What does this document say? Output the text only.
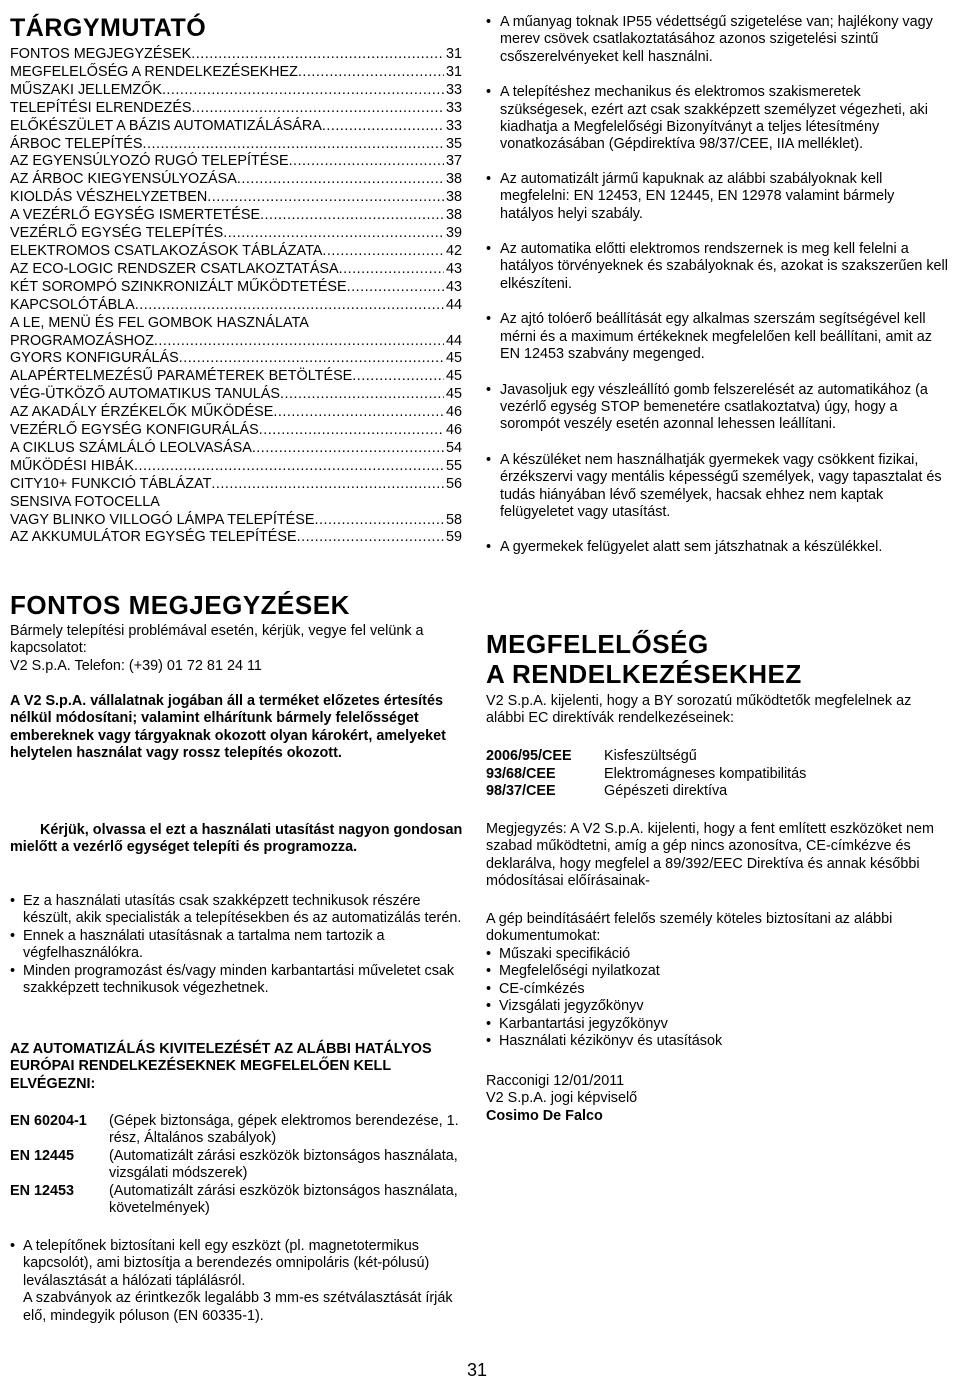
TÁRGYMUTATÓ
FONTOS MEGJEGYZÉSEK .....	31
MEGFELELŐSÉG A RENDELKEZÉSEKHEZ .....	31
MŰSZAKI JELLEMZŐK .....	33
TELEPÍTÉSI ELRENDEZÉS .....	33
ELŐKÉSZÜLET A BÁZIS AUTOMATIZÁLÁSÁRA .....	33
ÁRBOC TELEPÍTÉS .....	35
AZ EGYENSÚLYOZÓ RUGÓ TELEPÍTÉSE .....	37
AZ ÁRBOC KIEGYENSÚLYOZÁSA .....	38
KIOLDÁS VÉSZHELYZETBEN .....	38
A VEZÉRLŐ EGYSÉG ISMERTETÉSE .....	38
VEZÉRLŐ EGYSÉG TELEPÍTÉS .....	39
ELEKTROMOS CSATLAKOZÁSOK TÁBLÁZATA .....	42
AZ ECO-LOGIC RENDSZER CSATLAKOZTATÁSA .....	43
KÉT SOROMPÓ SZINKRONIZÁLT MŰKÖDTETÉSE .....	43
KAPCSOLÓTÁBLA .....	44
A LE, MENÜ ÉS FEL GOMBOK HASZNÁLATA
PROGRAMOZÁSHOZ .....	44
GYORS KONFIGURÁLÁS .....	45
ALAPÉRTELMEZÉSŰ PARAMÉTEREK BETÖLTÉSE .....	45
VÉG-ÜTKÖZŐ AUTOMATIKUS TANULÁS .....	45
AZ AKADÁLY ÉRZÉKELŐK MŰKÖDÉSE .....	46
VEZÉRLŐ EGYSÉG KONFIGURÁLÁS .....	46
A CIKLUS SZÁMLÁLÓ LEOLVASÁSA .....	54
MŰKÖDÉSI HIBÁK .....	55
CITY10+ FUNKCIÓ TÁBLÁZAT .....	56
SENSIVA FOTOCELLA
VAGY BLINKO VILLOGÓ LÁMPA TELEPÍTÉSE .....	58
AZ AKKUMULÁTOR EGYSÉG TELEPÍTÉSE .....	59
FONTOS MEGJEGYZÉSEK
Bármely telepítési problémával esetén, kérjük, vegye fel velünk a kapcsolatot:
V2 S.p.A. Telefon: (+39) 01 72 81 24 11
A V2 S.p.A. vállalatnak jogában áll a terméket előzetes értesítés nélkül módosítani; valamint elhárítunk bármely felelősséget embereknek vagy tárgyaknak okozott olyan károkért, amelyeket helytelen használat vagy rossz telepítés okozott.
Kérjük, olvassa el ezt a használati utasítást nagyon gondosan mielőtt a vezérlő egységet telepíti és programozza.
• Ez a használati utasítás csak szakképzett technikusok részére készült, akik specialisták a telepítésekben és az automatizálás terén.
• Ennek a használati utasításnak a tartalma nem tartozik a végfelhasználókra.
• Minden programozást és/vagy minden karbantartási műveletet csak szakképzett technikusok végezhetnek.
AZ AUTOMATIZÁLÁS KIVITELEZÉSÉT AZ ALÁBBI HATÁLYOS EURÓPAI RENDELKEZÉSEKNEK MEGFELELŐEN KELL ELVÉGEZNI:
EN 60204-1	(Gépek biztonsága, gépek elektromos berendezése, 1. rész, Általános szabályok)
EN 12445	(Automatizált zárási eszközök biztonságos használata, vizsgálati módszerek)
EN 12453	(Automatizált zárási eszközök biztonságos használata, követelmények)
• A telepítőnek biztosítani kell egy eszközt (pl. magnetotermikus kapcsolót), ami biztosítja a berendezés omnipoláris (két-pólusú) leválasztását a hálózati táplálásról.
A szabványok az érintkezők legalább 3 mm-es szétválasztását írják elő, mindegyik póluson (EN 60335-1).
• A műanyag toknak IP55 védettségű szigetelése van; hajlékony vagy merev csövek csatlakoztatásához azonos szigetelési szintű csőszerelvényeket kell használni.
• A telepítéshez mechanikus és elektromos szakismeretek szükségesek, ezért azt csak szakképzett személyzet végezheti, aki kiadhatja a Megfelelőségi Bizonyítványt a teljes létesítmény vonatkozásában (Gépdirektíva 98/37/CEE, IIA melléklet).
• Az automatizált jármű kapuknak az alábbi szabályoknak kell megfelelni: EN 12453, EN 12445, EN 12978 valamint bármely hatályos helyi szabály.
• Az automatika előtti elektromos rendszernek is meg kell felelni a hatályos törvényeknek és szabályoknak és, azokat is szakszerűen kell elkészíteni.
• Az ajtó tolóerő beállítását egy alkalmas szerszám segítségével kell mérni és a maximum értékeknek megfelelően kell beállítani, amit az EN 12453 szabvány megenged.
• Javasoljuk egy vészleállító gomb felszerelését az automatikához (a vezérlő egység STOP bemenetére csatlakoztatva) úgy, hogy a sorompót veszély esetén azonnal lehessen leállítani.
• A készüléket nem használhatják gyermekek vagy csökkent fizikai, érzékszervi vagy mentális képességű személyek, vagy tapasztalat és tudás hiányában lévő személyek, hacsak ehhez nem kaptak felügyeletet vagy utasítást.
• A gyermekek felügyelet alatt sem játszhatnak a készülékkel.
MEGFELELŐSÉG
A RENDELKEZÉSEKHEZ
V2 S.p.A. kijelenti, hogy a BY sorozatú működtetők megfelelnek az alábbi EC direktívák rendelkezéseinek:
2006/95/CEE	Kisfeszültségű
93/68/CEE	Elektromágneses kompatibilitás
98/37/CEE	Gépészeti direktíva
Megjegyzés: A V2 S.p.A. kijelenti, hogy a fent említett eszközöket nem szabad működtetni, amíg a gép nincs azonosítva, CE-címkézve és deklarálva, hogy megfelel a 89/392/EEC Direktíva és annak későbbi módosításai előírásainak-
A gép beindításáért felelős személy köteles biztosítani az alábbi dokumentumokat:
• Műszaki specifikáció
• Megfelelőségi nyilatkozat
• CE-címkézés
• Vizsgálati jegyzőkönyv
• Karbantartási jegyzőkönyv
• Használati kézikönyv és utasítások
Racconigi 12/01/2011
V2 S.p.A. jogi képviselő
Cosimo De Falco
31
